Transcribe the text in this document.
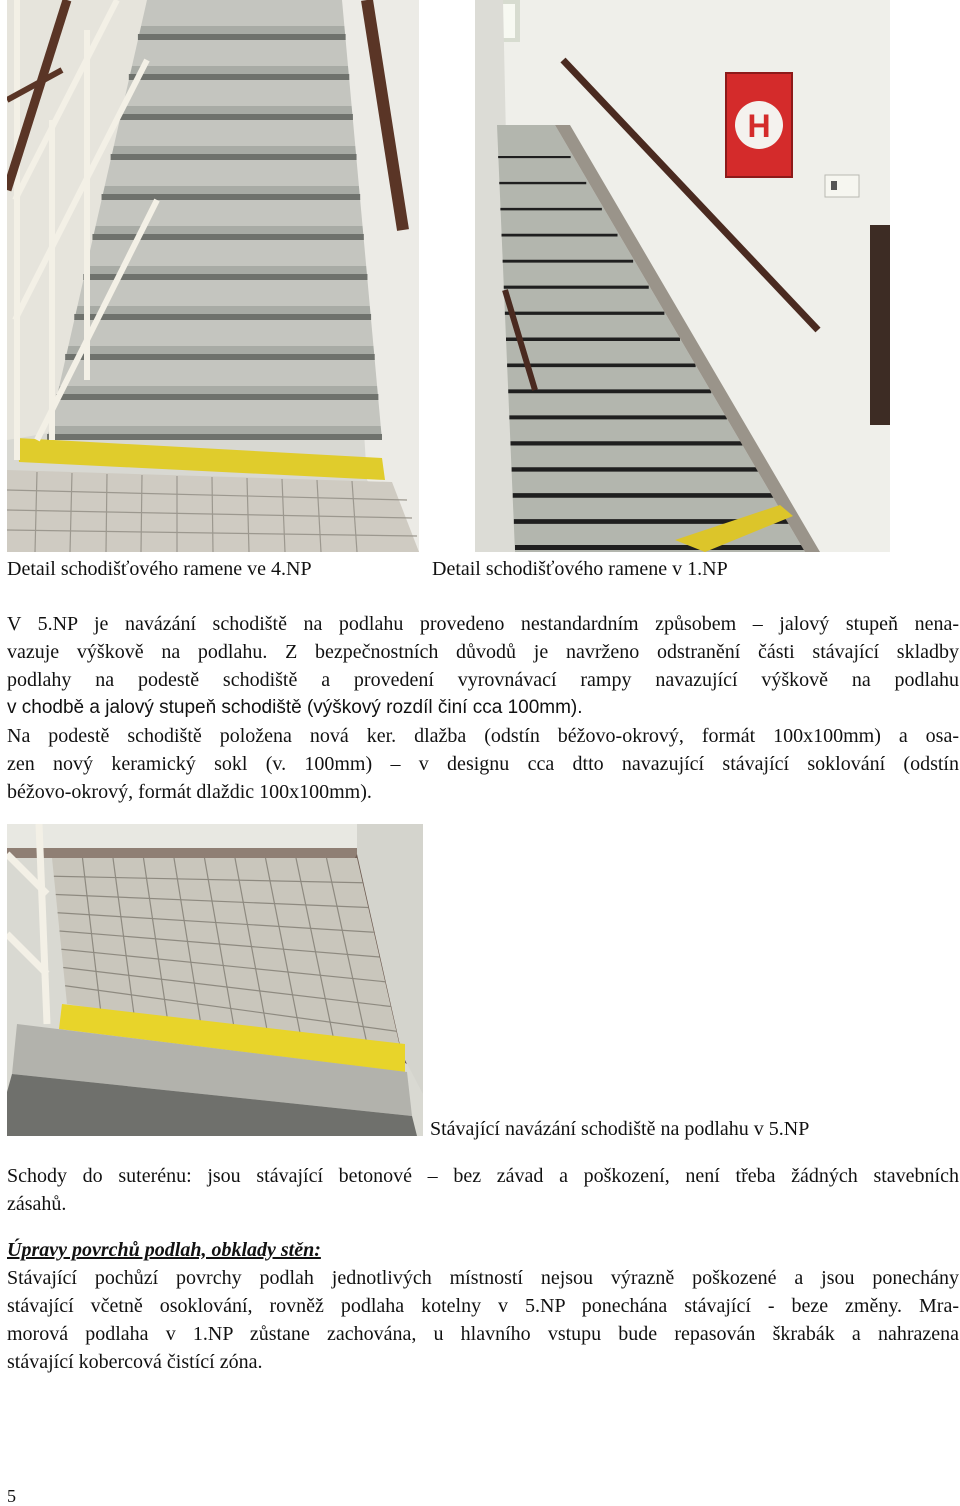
H
Detail schodišťového ramene ve 4.NP	Detail schodišťového ramene v 1.NP
V 5.NP je navázání schodiště na podlahu provedeno nestandardním způsobem – jalový stupeň nena-
vazuje výškově na podlahu. Z bezpečnostních důvodů je navrženo odstranění části stávající skladby
podlahy na podestě schodiště a provedení vyrovnávací rampy navazující výškově na podlahu
v chodbě a jalový stupeň schodiště (výškový rozdíl činí cca 100mm).
Na podestě schodiště položena nová ker. dlažba (odstín béžovo-okrový, formát 100x100mm) a osa-
zen nový keramický sokl (v. 100mm) – v designu cca dtto navazující stávající soklování (odstín
béžovo-okrový, formát dlaždic 100x100mm).
Stávající navázání schodiště na podlahu v 5.NP
Schody do suterénu: jsou stávající betonové – bez závad a poškození, není třeba žádných stavebních
zásahů.
Úpravy povrchů podlah, obklady stěn:
Stávající pochůzí povrchy podlah jednotlivých místností nejsou výrazně poškozené a jsou ponechány
stávající včetně osoklování, rovněž podlaha kotelny v 5.NP ponechána stávající - beze změny. Mra-
morová podlaha v 1.NP zůstane zachována, u hlavního vstupu bude repasován škrabák a nahrazena
stávající kobercová čistící zóna.
5
